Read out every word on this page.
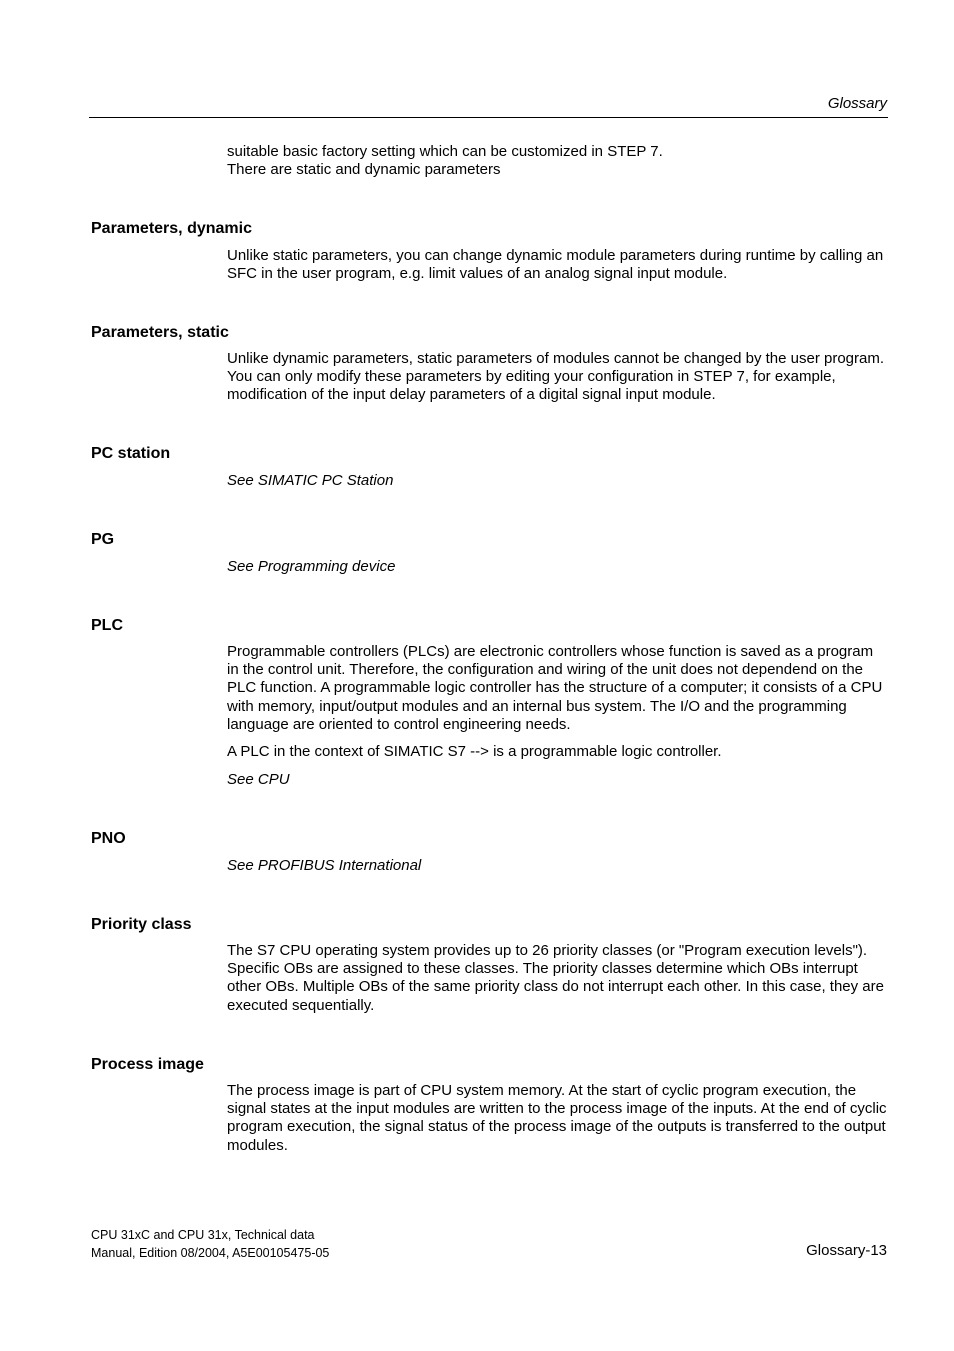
Glossary

suitable basic factory setting which can be customized in STEP 7.
There are static and dynamic parameters

Parameters, dynamic

Unlike static parameters, you can change dynamic module parameters during runtime by calling an SFC in the user program, e.g. limit values of an analog signal input module.

Parameters, static

Unlike dynamic parameters, static parameters of modules cannot be changed by the user program. You can only modify these parameters by editing your configuration in STEP 7, for example, modification of the input delay parameters of a digital signal input module.

PC station

See SIMATIC PC Station

PG

See Programming device

PLC

Programmable controllers (PLCs) are electronic controllers whose function is saved as a program in the control unit. Therefore, the configuration and wiring of the unit does not dependend on the PLC function. A programmable logic controller has the structure of a computer; it consists of a CPU with memory, input/output modules and an internal bus system. The I/O and the programming language are oriented to control engineering needs.

A PLC in the context of SIMATIC S7 --> is a programmable logic controller.

See CPU

PNO

See PROFIBUS International

Priority class

The S7 CPU operating system provides up to 26 priority classes (or "Program execution levels"). Specific OBs are assigned to these classes. The priority classes determine which OBs interrupt other OBs. Multiple OBs of the same priority class do not interrupt each other. In this case, they are executed sequentially.

Process image

The process image is part of CPU system memory. At the start of cyclic program execution, the signal states at the input modules are written to the process image of the inputs. At the end of cyclic program execution, the signal status of the process image of the outputs is transferred to the output modules.

CPU 31xC and CPU 31x, Technical data
Manual, Edition 08/2004, A5E00105475-05	Glossary-13
